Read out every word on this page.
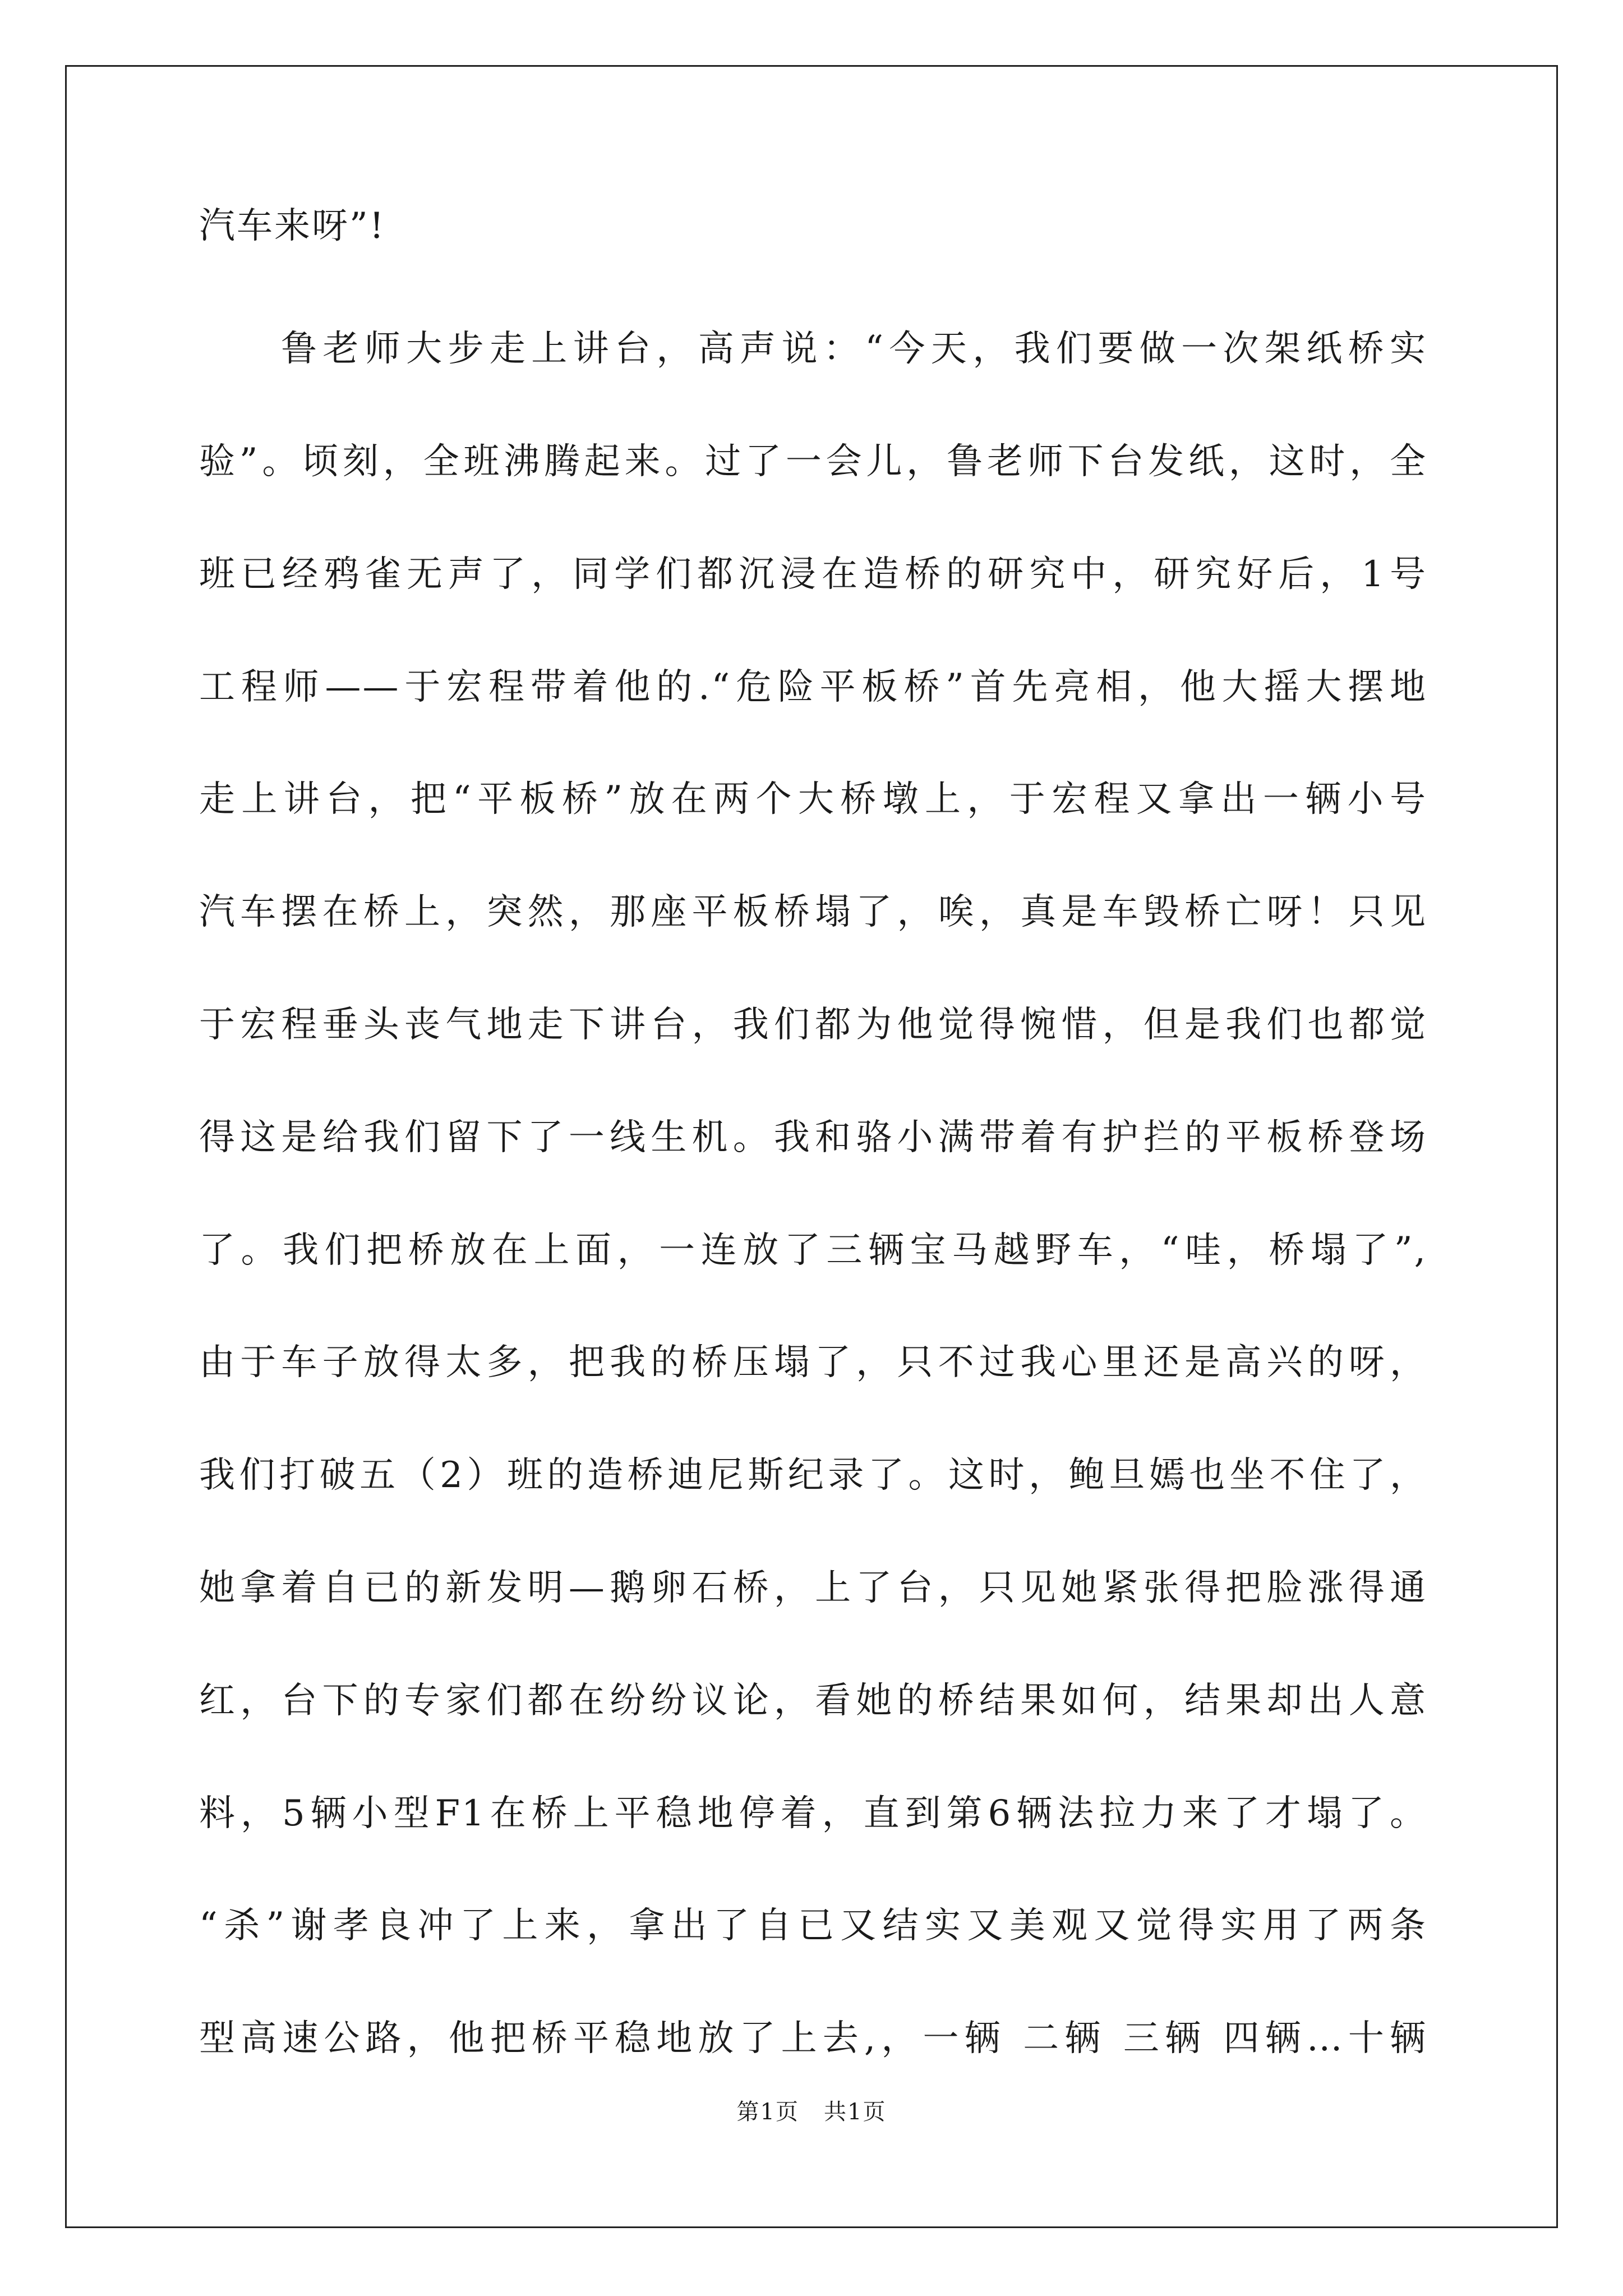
汽车来呀”!
鲁老师大步走上讲台，高声说：“今天，我们要做一次架纸桥实
验”。顷刻，全班沸腾起来。过了一会儿，鲁老师下台发纸，这时，全
班已经鸦雀无声了，同学们都沉浸在造桥的研究中，研究好后，1号
工程师——于宏程带着他的.“危险平板桥”首先亮相，他大摇大摆地
走上讲台，把“平板桥”放在两个大桥墩上，于宏程又拿出一辆小号
汽车摆在桥上，突然，那座平板桥塌了，唉，真是车毁桥亡呀！只见
于宏程垂头丧气地走下讲台，我们都为他觉得惋惜，但是我们也都觉
得这是给我们留下了一线生机。我和骆小满带着有护拦的平板桥登场
了。我们把桥放在上面，一连放了三辆宝马越野车，“哇，桥塌了”,
由于车子放得太多，把我的桥压塌了，只不过我心里还是高兴的呀，
我们打破五（2）班的造桥迪尼斯纪录了。这时，鲍旦嫣也坐不住了，
她拿着自已的新发明—鹅卵石桥，上了台，只见她紧张得把脸涨得通
红，台下的专家们都在纷纷议论，看她的桥结果如何，结果却出人意
料，5辆小型F1在桥上平稳地停着，直到第6辆法拉力来了才塌了。
“杀”谢孝良冲了上来，拿出了自已又结实又美观又觉得实用了两条
型高速公路，他把桥平稳地放了上去,，一辆 二辆 三辆 四辆…十辆
第1页 共1页
